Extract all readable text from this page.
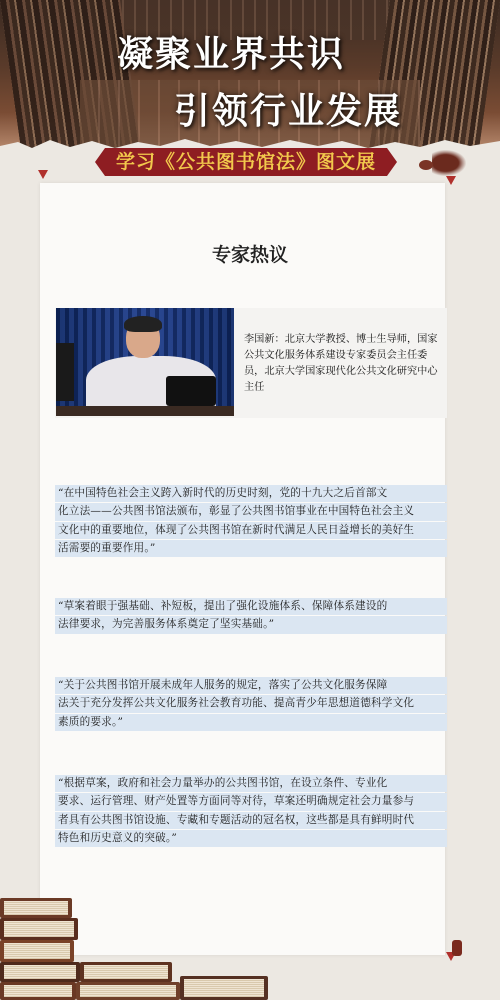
凝聚业界共识
引领行业发展
学习《公共图书馆法》图文展
专家热议
李国新：北京大学教授、博士生导师，国家公共文化服务体系建设专家委员会主任委员，北京大学国家现代化公共文化研究中心主任
“在中国特色社会主义跨入新时代的历史时刻，党的十九大之后首部文
化立法——公共图书馆法颁布，彰显了公共图书馆事业在中国特色社会主义
文化中的重要地位，体现了公共图书馆在新时代满足人民日益增长的美好生
活需要的重要作用。”
“草案着眼于强基础、补短板，提出了强化设施体系、保障体系建设的
法律要求，为完善服务体系奠定了坚实基础。”
“关于公共图书馆开展未成年人服务的规定，落实了公共文化服务保障
法关于充分发挥公共文化服务社会教育功能、提高青少年思想道德科学文化
素质的要求。”
“根据草案，政府和社会力量举办的公共图书馆，在设立条件、专业化
要求、运行管理、财产处置等方面同等对待，草案还明确规定社会力量参与
者具有公共图书馆设施、专藏和专题活动的冠名权，这些都是具有鲜明时代
特色和历史意义的突破。”
